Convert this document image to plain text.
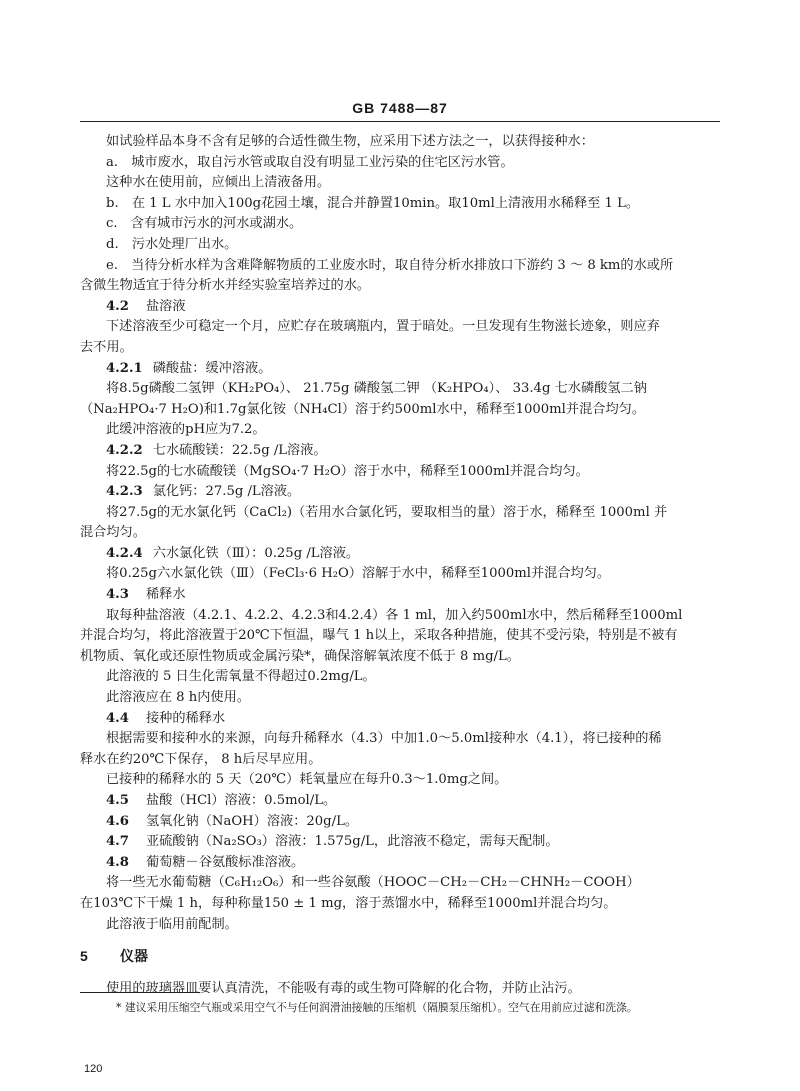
GB 7488—87

如试验样品本身不含有足够的合适性微生物，应采用下述方法之一，以获得接种水：

a.　城市废水，取自污水管或取自没有明显工业污染的住宅区污水管。

这种水在使用前，应倾出上清液备用。

b.　在 1 L 水中加入100g花园土壤，混合并静置10min。取10ml上清液用水稀释至 1 L。

c.　含有城市污水的河水或湖水。

d.　污水处理厂出水。

e.　当待分析水样为含难降解物质的工业废水时，取自待分析水排放口下游约 3 ～ 8 km的水或所

含微生物适宜于待分析水并经实验室培养过的水。

4.2 盐溶液

下述溶液至少可稳定一个月，应贮存在玻璃瓶内，置于暗处。一旦发现有生物滋长迹象，则应弃

去不用。

4.2.1 磷酸盐：缓冲溶液。

将8.5g磷酸二氢钾（KH₂PO₄）、 21.75g 磷酸氢二钾 （K₂HPO₄）、 33.4g 七水磷酸氢二钠

（Na₂HPO₄·7 H₂O)和1.7g氯化铵（NH₄Cl）溶于约500ml水中，稀释至1000ml并混合均匀。

此缓冲溶液的pH应为7.2。

4.2.2 七水硫酸镁：22.5g /L溶液。

将22.5g的七水硫酸镁（MgSO₄·7 H₂O）溶于水中，稀释至1000ml并混合均匀。

4.2.3 氯化钙：27.5g /L溶液。

将27.5g的无水氯化钙（CaCl₂)（若用水合氯化钙，要取相当的量）溶于水，稀释至 1000ml 并

混合均匀。

4.2.4 六水氯化铁（Ⅲ）：0.25g /L溶液。

将0.25g六水氯化铁（Ⅲ）（FeCl₃·6 H₂O）溶解于水中，稀释至1000ml并混合均匀。

4.3 稀释水

取每种盐溶液（4.2.1、4.2.2、4.2.3和4.2.4）各 1 ml，加入约500ml水中，然后稀释至1000ml

并混合均匀，将此溶液置于20℃下恒温，曝气 1 h以上，采取各种措施，使其不受污染，特别是不被有

机物质、氧化或还原性物质或金属污染*，确保溶解氧浓度不低于 8 mg/L。

此溶液的 5 日生化需氧量不得超过0.2mg/L。

此溶液应在 8 h内使用。

4.4 接种的稀释水

根据需要和接种水的来源，向每升稀释水（4.3）中加1.0～5.0ml接种水（4.1），将已接种的稀

释水在约20℃下保存， 8 h后尽早应用。

已接种的稀释水的 5 天（20℃）耗氧量应在每升0.3～1.0mg之间。

4.5 盐酸（HCl）溶液：0.5mol/L。

4.6 氢氧化钠（NaOH）溶液：20g/L。

4.7 亚硫酸钠（Na₂SO₃）溶液：1.575g/L，此溶液不稳定，需每天配制。

4.8 葡萄糖－谷氨酸标准溶液。

将一些无水葡萄糖（C₆H₁₂O₆）和一些谷氨酸（HOOC－CH₂－CH₂－CHNH₂－COOH）

在103℃下干燥 1 h，每种称量150 ± 1 mg，溶于蒸馏水中，稀释至1000ml并混合均匀。

此溶液于临用前配制。

5 仪器

使用的玻璃器皿要认真清洗，不能吸有毒的或生物可降解的化合物，并防止沾污。

* 建议采用压缩空气瓶或采用空气不与任何润滑油接触的压缩机（隔膜泵压缩机）。空气在用前应过滤和洗涤。
120
